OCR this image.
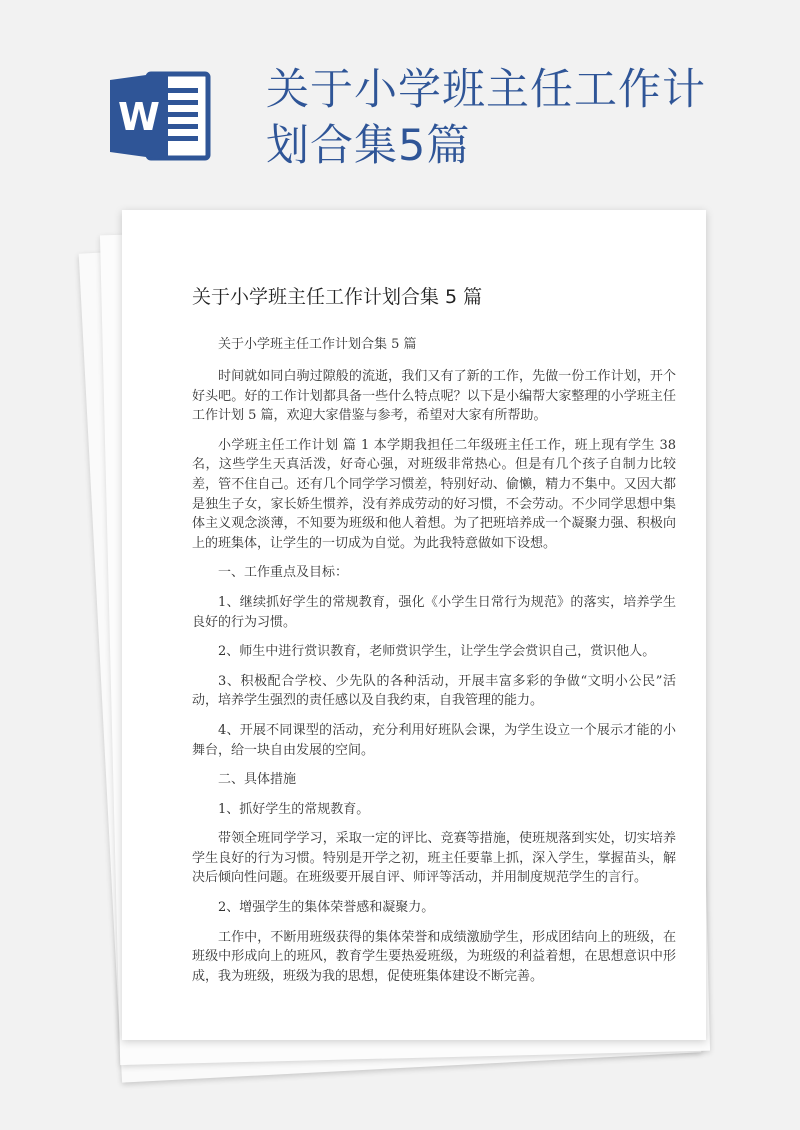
W
关于小学班主任工作计
划合集5篇
关于小学班主任工作计划合集 5 篇
关于小学班主任工作计划合集 5 篇

时间就如同白驹过隙般的流逝，我们又有了新的工作，先做一份工作计划，开个好头吧。好的工作计划都具备一些什么特点呢？以下是小编帮大家整理的小学班主任工作计划 5 篇，欢迎大家借鉴与参考，希望对大家有所帮助。

小学班主任工作计划 篇 1 本学期我担任二年级班主任工作，班上现有学生 38 名，这些学生天真活泼，好奇心强，对班级非常热心。但是有几个孩子自制力比较差，管不住自己。还有几个同学学习惯差，特别好动、偷懒，精力不集中。又因大都是独生子女，家长娇生惯养，没有养成劳动的好习惯，不会劳动。不少同学思想中集体主义观念淡薄，不知要为班级和他人着想。为了把班培养成一个凝聚力强、积极向上的班集体，让学生的一切成为自觉。为此我特意做如下设想。

一、工作重点及目标：

1、继续抓好学生的常规教育，强化《小学生日常行为规范》的落实，培养学生良好的行为习惯。

2、师生中进行赏识教育，老师赏识学生，让学生学会赏识自己，赏识他人。

3、积极配合学校、少先队的各种活动，开展丰富多彩的争做“文明小公民”活动，培养学生强烈的责任感以及自我约束，自我管理的能力。

4、开展不同课型的活动，充分利用好班队会课，为学生设立一个展示才能的小舞台，给一块自由发展的空间。

二、具体措施

1、抓好学生的常规教育。

带领全班同学学习，采取一定的评比、竞赛等措施，使班规落到实处，切实培养学生良好的行为习惯。特别是开学之初，班主任要靠上抓，深入学生，掌握苗头，解决后倾向性问题。在班级要开展自评、师评等活动，并用制度规范学生的言行。

2、增强学生的集体荣誉感和凝聚力。

工作中，不断用班级获得的集体荣誉和成绩激励学生，形成团结向上的班级，在班级中形成向上的班风，教育学生要热爱班级，为班级的利益着想，在思想意识中形成，我为班级，班级为我的思想，促使班集体建设不断完善。
